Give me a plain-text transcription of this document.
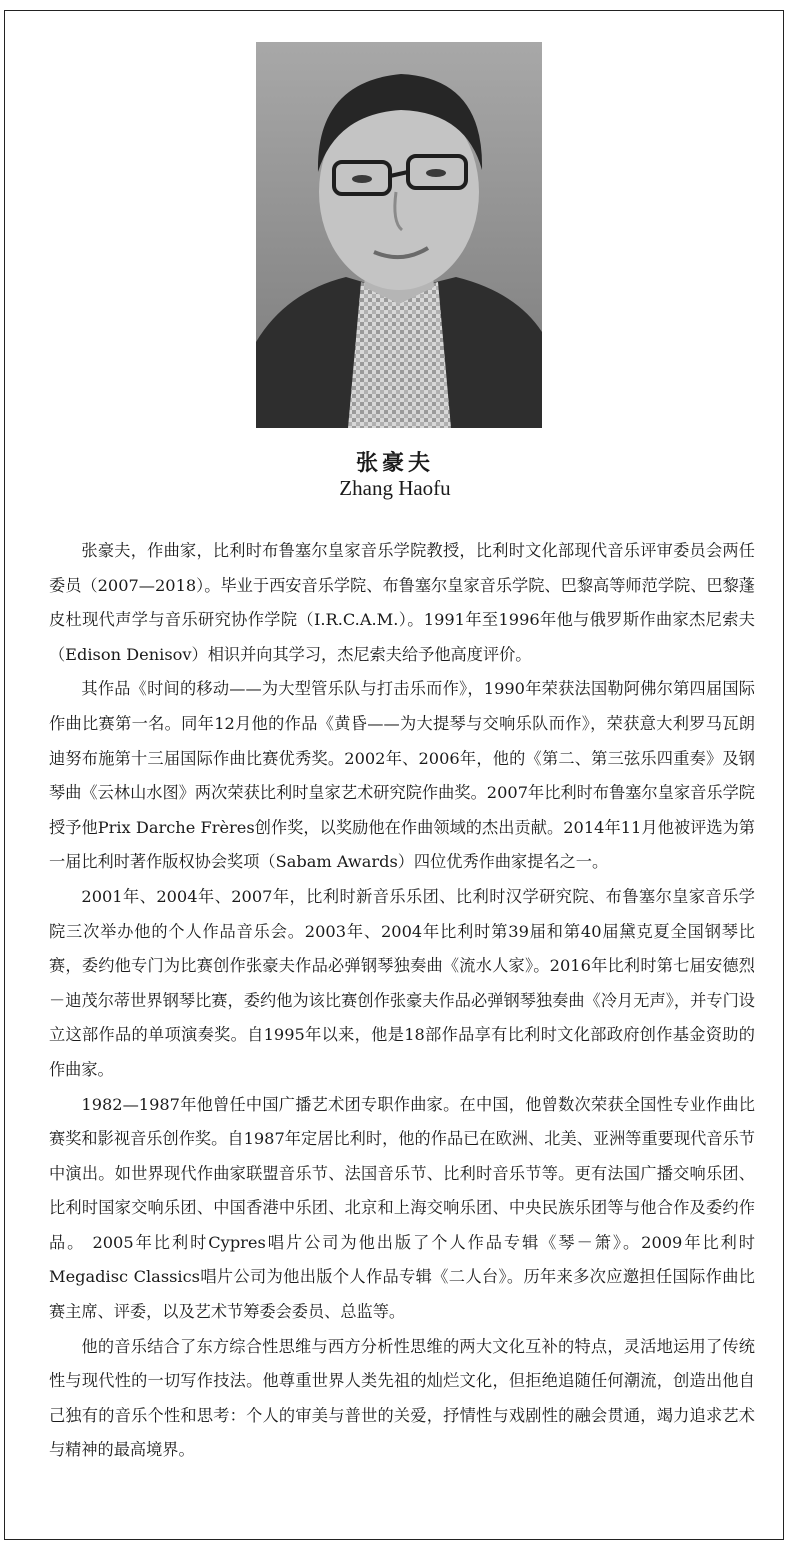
张豪夫
Zhang Haofu

张豪夫，作曲家，比利时布鲁塞尔皇家音乐学院教授，比利时文化部现代音乐评审委员会两任委员（2007—2018）。毕业于西安音乐学院、布鲁塞尔皇家音乐学院、巴黎高等师范学院、巴黎蓬皮杜现代声学与音乐研究协作学院（I.R.C.A.M.）。1991年至1996年他与俄罗斯作曲家杰尼索夫（Edison Denisov）相识并向其学习，杰尼索夫给予他高度评价。

其作品《时间的移动——为大型管乐队与打击乐而作》，1990年荣获法国勒阿佛尔第四届国际作曲比赛第一名。同年12月他的作品《黄昏——为大提琴与交响乐队而作》，荣获意大利罗马瓦朗迪努布施第十三届国际作曲比赛优秀奖。2002年、2006年，他的《第二、第三弦乐四重奏》及钢琴曲《云林山水图》两次荣获比利时皇家艺术研究院作曲奖。2007年比利时布鲁塞尔皇家音乐学院授予他Prix Darche Frères创作奖，以奖励他在作曲领域的杰出贡献。2014年11月他被评选为第一届比利时著作版权协会奖项（Sabam Awards）四位优秀作曲家提名之一。

2001年、2004年、2007年，比利时新音乐乐团、比利时汉学研究院、布鲁塞尔皇家音乐学院三次举办他的个人作品音乐会。2003年、2004年比利时第39届和第40届黛克夏全国钢琴比赛，委约他专门为比赛创作张豪夫作品必弹钢琴独奏曲《流水人家》。2016年比利时第七届安德烈－迪茂尔蒂世界钢琴比赛，委约他为该比赛创作张豪夫作品必弹钢琴独奏曲《冷月无声》，并专门设立这部作品的单项演奏奖。自1995年以来，他是18部作品享有比利时文化部政府创作基金资助的作曲家。

1982—1987年他曾任中国广播艺术团专职作曲家。在中国，他曾数次荣获全国性专业作曲比赛奖和影视音乐创作奖。自1987年定居比利时，他的作品已在欧洲、北美、亚洲等重要现代音乐节中演出。如世界现代作曲家联盟音乐节、法国音乐节、比利时音乐节等。更有法国广播交响乐团、比利时国家交响乐团、中国香港中乐团、北京和上海交响乐团、中央民族乐团等与他合作及委约作品。 2005年比利时Cypres唱片公司为他出版了个人作品专辑《琴－箫》。2009年比利时Megadisc Classics唱片公司为他出版个人作品专辑《二人台》。历年来多次应邀担任国际作曲比赛主席、评委，以及艺术节筹委会委员、总监等。

他的音乐结合了东方综合性思维与西方分析性思维的两大文化互补的特点，灵活地运用了传统性与现代性的一切写作技法。他尊重世界人类先祖的灿烂文化，但拒绝追随任何潮流，创造出他自己独有的音乐个性和思考：个人的审美与普世的关爱，抒情性与戏剧性的融会贯通，竭力追求艺术与精神的最高境界。
